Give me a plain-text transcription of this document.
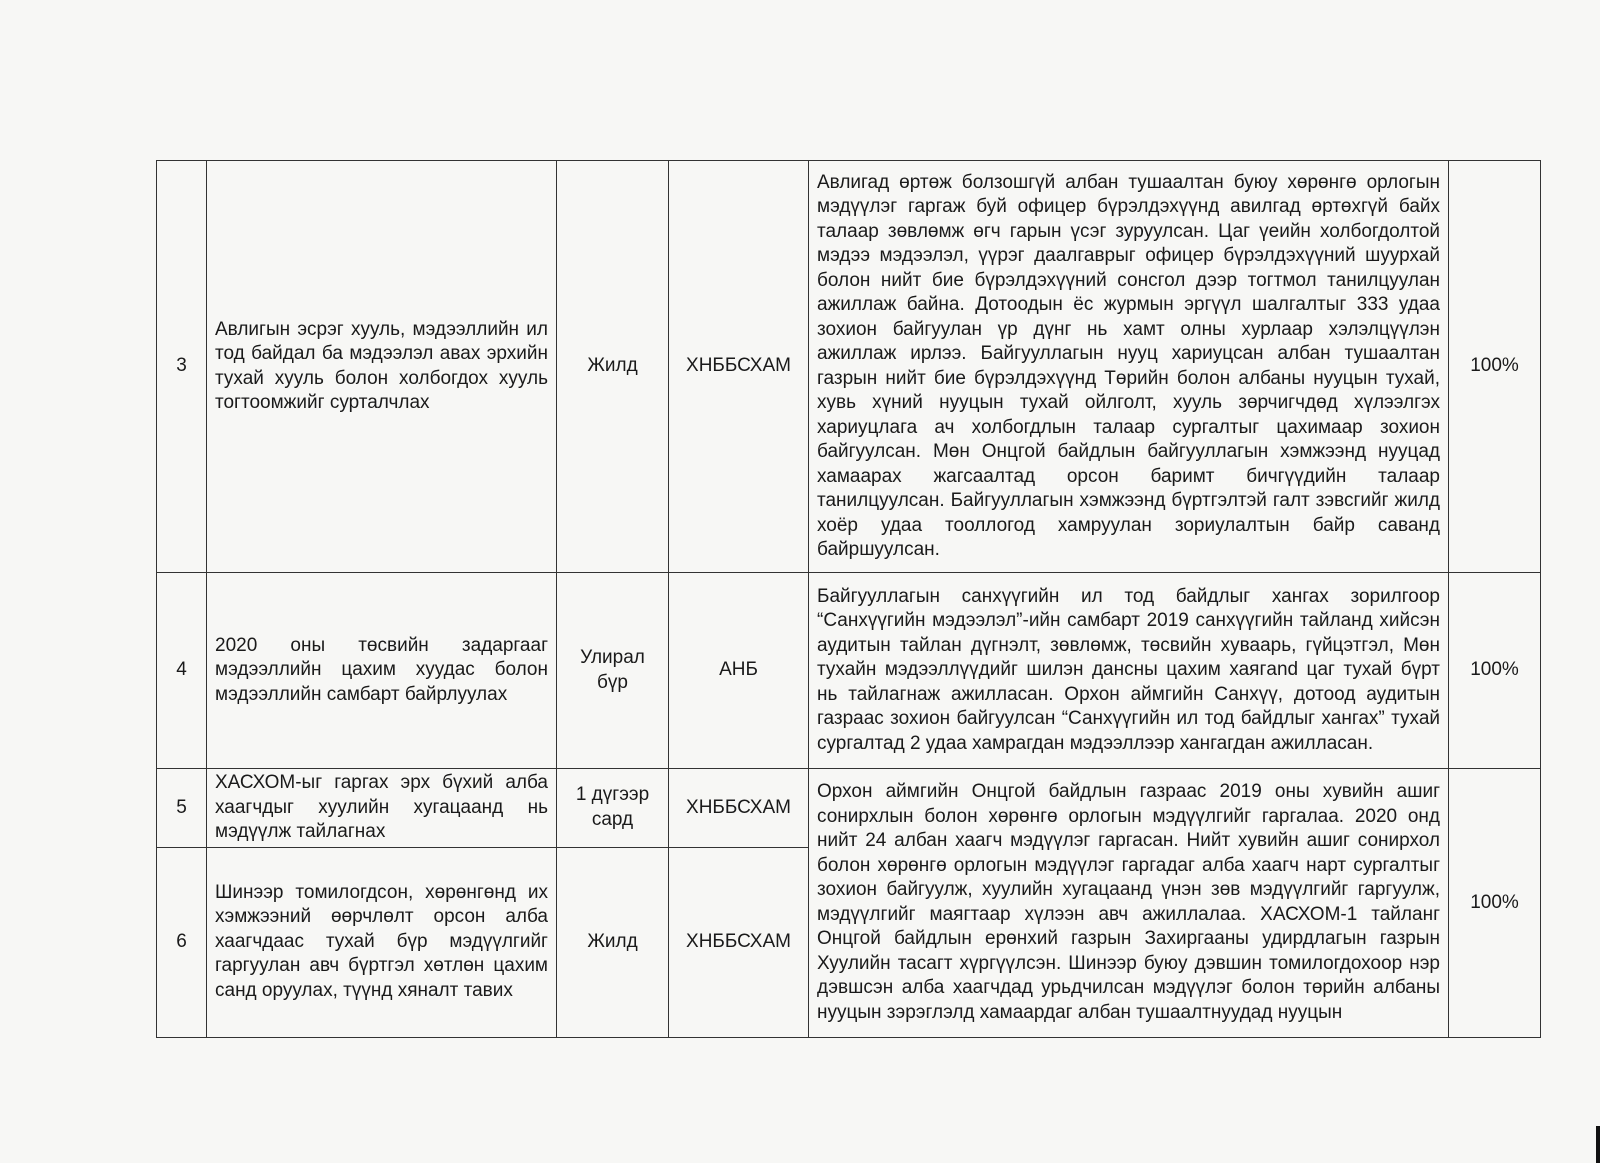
3	Авлигын эсрэг хууль, мэдээллийн ил тод байдал ба мэдээлэл авах эрхийн тухай хууль болон холбогдох хууль тогтоомжийг сурталчлах	Жилд	ХНББСХАМ	Авлигад өртөж болзошгүй албан тушаалтан буюу хөрөнгө орлогын мэдүүлэг гаргаж буй офицер бүрэлдэхүүнд авилгад өртөхгүй байх талаар зөвлөмж өгч гарын үсэг зуруулсан. Цаг үеийн холбогдолтой мэдээ мэдээлэл, үүрэг даалгаврыг офицер бүрэлдэхүүний шуурхай болон нийт бие бүрэлдэхүүний сонсгол дээр тогтмол танилцуулан ажиллаж байна. Дотоодын ёс журмын эргүүл шалгалтыг 333 удаа зохион байгуулан үр дүнг нь хамт олны хурлаар хэлэлцүүлэн ажиллаж ирлээ. Байгууллагын нууц хариуцсан албан тушаалтан газрын нийт бие бүрэлдэхүүнд Төрийн болон албаны нууцын тухай, хувь хүний нууцын тухай ойлголт, хууль зөрчигчдөд хүлээлгэх хариуцлага ач холбогдлын талаар сургалтыг цахимаар зохион байгуулсан. Мөн Онцгой байдлын байгууллагын хэмжээнд нууцад хамаарах жагсаалтад орсон баримт бичгүүдийн талаар танилцуулсан. Байгууллагын хэмжээнд бүртгэлтэй галт зэвсгийг жилд хоёр удаа тооллогод хамруулан зориулалтын байр саванд байршуулсан.	100%
4	2020 оны төсвийн задаргааг мэдээллийн цахим хуудас болон мэдээллийн самбарт байрлуулах	Улирал бүр	АНБ	Байгууллагын санхүүгийн ил тод байдлыг хангах зорилгоор “Санхүүгийн мэдээлэл”-ийн самбарт 2019 санхүүгийн тайланд хийсэн аудитын тайлан дүгнэлт, зөвлөмж, төсвийн хуваарь, гүйцэтгэл, Мөн тухайн мэдээллүүдийг шилэн дансны цахим хаягand цаг тухай бүрт нь тайлагнаж ажилласан. Орхон аймгийн Санхүү, дотоод аудитын газраас зохион байгуулсан “Санхүүгийн ил тод байдлыг хангах” тухай сургалтад 2 удаа хамрагдан мэдээллээр хангагдан ажилласан.	100%
5	ХАСХОМ-ыг гаргах эрх бүхий алба хаагчдыг хуулийн хугацаанд нь мэдүүлж тайлагнах	1 дүгээр сард	ХНББСХАМ	Орхон аймгийн Онцгой байдлын газраас 2019 оны хувийн ашиг сонирхлын болон хөрөнгө орлогын мэдүүлгийг гаргалаа. 2020 онд нийт 24 албан хаагч мэдүүлэг гаргасан. Нийт хувийн ашиг сонирхол болон хөрөнгө орлогын мэдүүлэг гаргадаг алба хаагч нарт сургалтыг зохион байгуулж, хуулийн хугацаанд үнэн зөв мэдүүлгийг гаргуулж, мэдүүлгийг маягтаар хүлээн авч ажиллалаа. ХАСХОМ-1 тайланг Онцгой байдлын ерөнхий газрын Захиргааны удирдлагын газрын Хуулийн тасагт хүргүүлсэн. Шинээр буюу дэвшин томилогдохоор нэр дэвшсэн алба хаагчдад урьдчилсан мэдүүлэг болон төрийн албаны нууцын зэрэглэлд хамаардаг албан тушаалтнуудад нууцын	100%
6	Шинээр томилогдсон, хөрөнгөнд их хэмжээний өөрчлөлт орсон алба хаагчдаас тухай бүр мэдүүлгийг гаргуулан авч бүртгэл хөтлөн цахим санд оруулах, түүнд хяналт тавих	Жилд	ХНББСХАМ		
